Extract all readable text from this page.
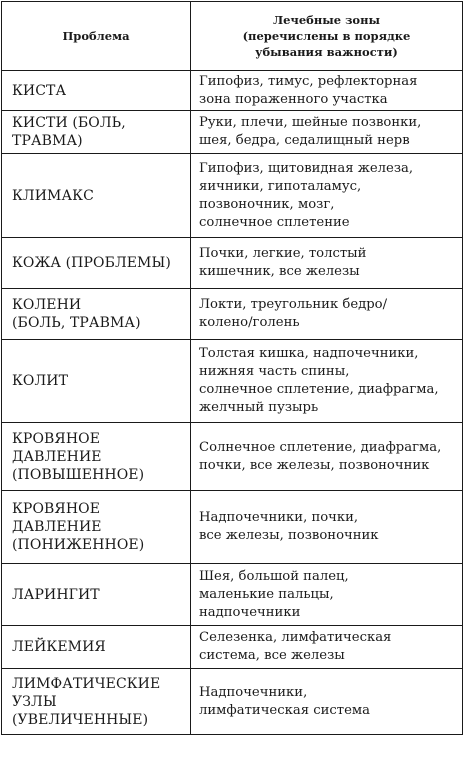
Проблема	Лечебные зоны
(перечислены в порядке
убывания важности)

КИСТА	Гипофиз, тимус, рефлекторная
зона пораженного участка

КИСТИ (БОЛЬ,
ТРАВМА)	Руки, плечи, шейные позвонки,
шея, бедра, седалищный нерв

КЛИМАКС	Гипофиз, щитовидная железа,
яичники, гипоталамус,
позвоночник, мозг,
солнечное сплетение

КОЖА (ПРОБЛЕМЫ)	Почки, легкие, толстый
кишечник, все железы

КОЛЕНИ
(БОЛЬ, ТРАВМА)	Локти, треугольник бедро/
колено/голень

КОЛИТ	Толстая кишка, надпочечники,
нижняя часть спины,
солнечное сплетение, диафрагма,
желчный пузырь

КРОВЯНОЕ
ДАВЛЕНИЕ
(ПОВЫШЕННОЕ)	Солнечное сплетение, диафрагма,
почки, все железы, позвоночник

КРОВЯНОЕ
ДАВЛЕНИЕ
(ПОНИЖЕННОЕ)	Надпочечники, почки,
все железы, позвоночник

ЛАРИНГИТ	Шея, большой палец,
маленькие пальцы,
надпочечники

ЛЕЙКЕМИЯ	Селезенка, лимфатическая
система, все железы

ЛИМФАТИЧЕСКИЕ
УЗЛЫ
(УВЕЛИЧЕННЫЕ)	Надпочечники,
лимфатическая система
